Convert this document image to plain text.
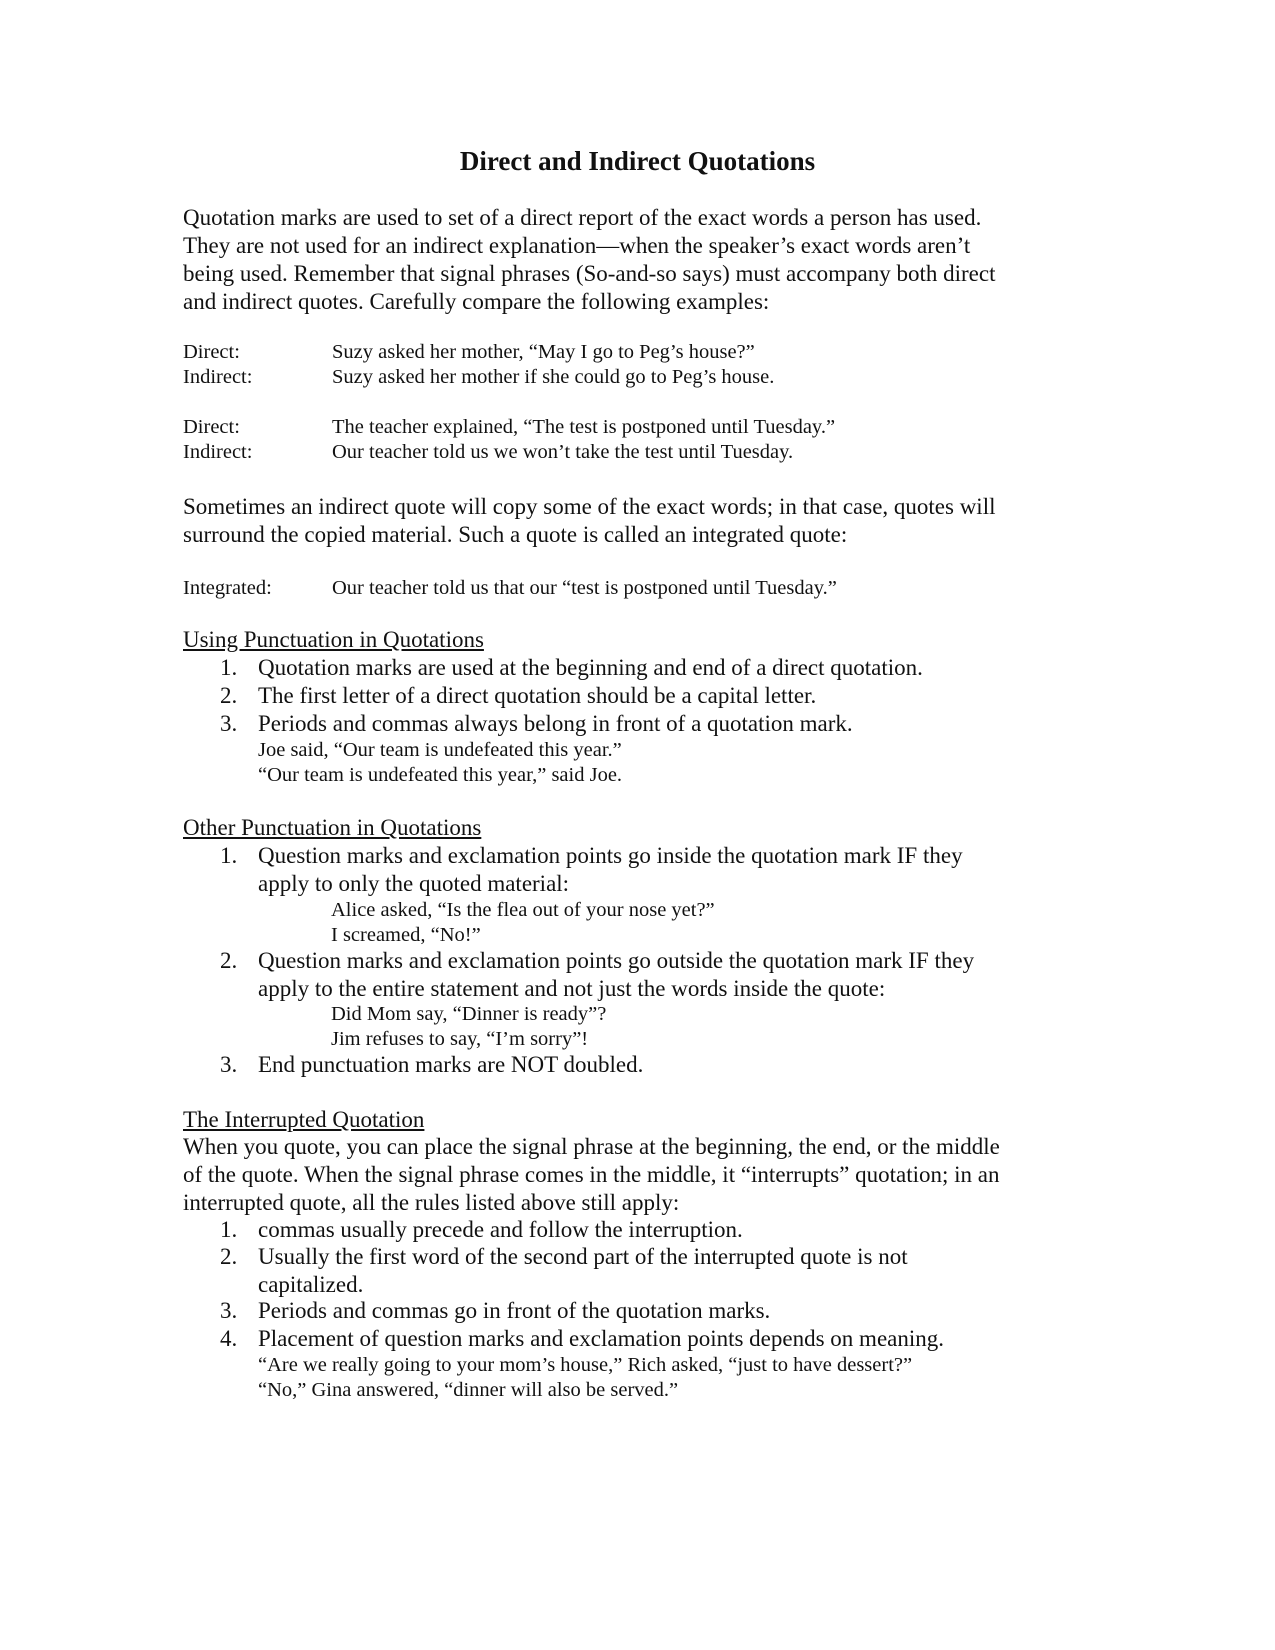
Direct and Indirect Quotations

Quotation marks are used to set of a direct report of the exact words a person has used.
They are not used for an indirect explanation—when the speaker’s exact words aren’t
being used. Remember that signal phrases (So-and-so says) must accompany both direct
and indirect quotes. Carefully compare the following examples:

Direct:	Suzy asked her mother, “May I go to Peg’s house?”
Indirect:	Suzy asked her mother if she could go to Peg’s house.
Direct:	The teacher explained, “The test is postponed until Tuesday.”
Indirect:	Our teacher told us we won’t take the test until Tuesday.

Sometimes an indirect quote will copy some of the exact words; in that case, quotes will
surround the copied material. Such a quote is called an integrated quote:

Integrated:	Our teacher told us that our “test is postponed until Tuesday.”
Using Punctuation in Quotations
1. Quotation marks are used at the beginning and end of a direct quotation.
2. The first letter of a direct quotation should be a capital letter.
3. Periods and commas always belong in front of a quotation mark.
Joe said, “Our team is undefeated this year.”
“Our team is undefeated this year,” said Joe.
Other Punctuation in Quotations
1. Question marks and exclamation points go inside the quotation mark IF they
apply to only the quoted material:
Alice asked, “Is the flea out of your nose yet?”
I screamed, “No!”
2. Question marks and exclamation points go outside the quotation mark IF they
apply to the entire statement and not just the words inside the quote:
Did Mom say, “Dinner is ready”?
Jim refuses to say, “I’m sorry”!
3. End punctuation marks are NOT doubled.
The Interrupted Quotation

When you quote, you can place the signal phrase at the beginning, the end, or the middle
of the quote. When the signal phrase comes in the middle, it “interrupts” quotation; in an
interrupted quote, all the rules listed above still apply:

1. commas usually precede and follow the interruption.
2. Usually the first word of the second part of the interrupted quote is not
capitalized.
3. Periods and commas go in front of the quotation marks.
4. Placement of question marks and exclamation points depends on meaning.
“Are we really going to your mom’s house,” Rich asked, “just to have dessert?”
“No,” Gina answered, “dinner will also be served.”
